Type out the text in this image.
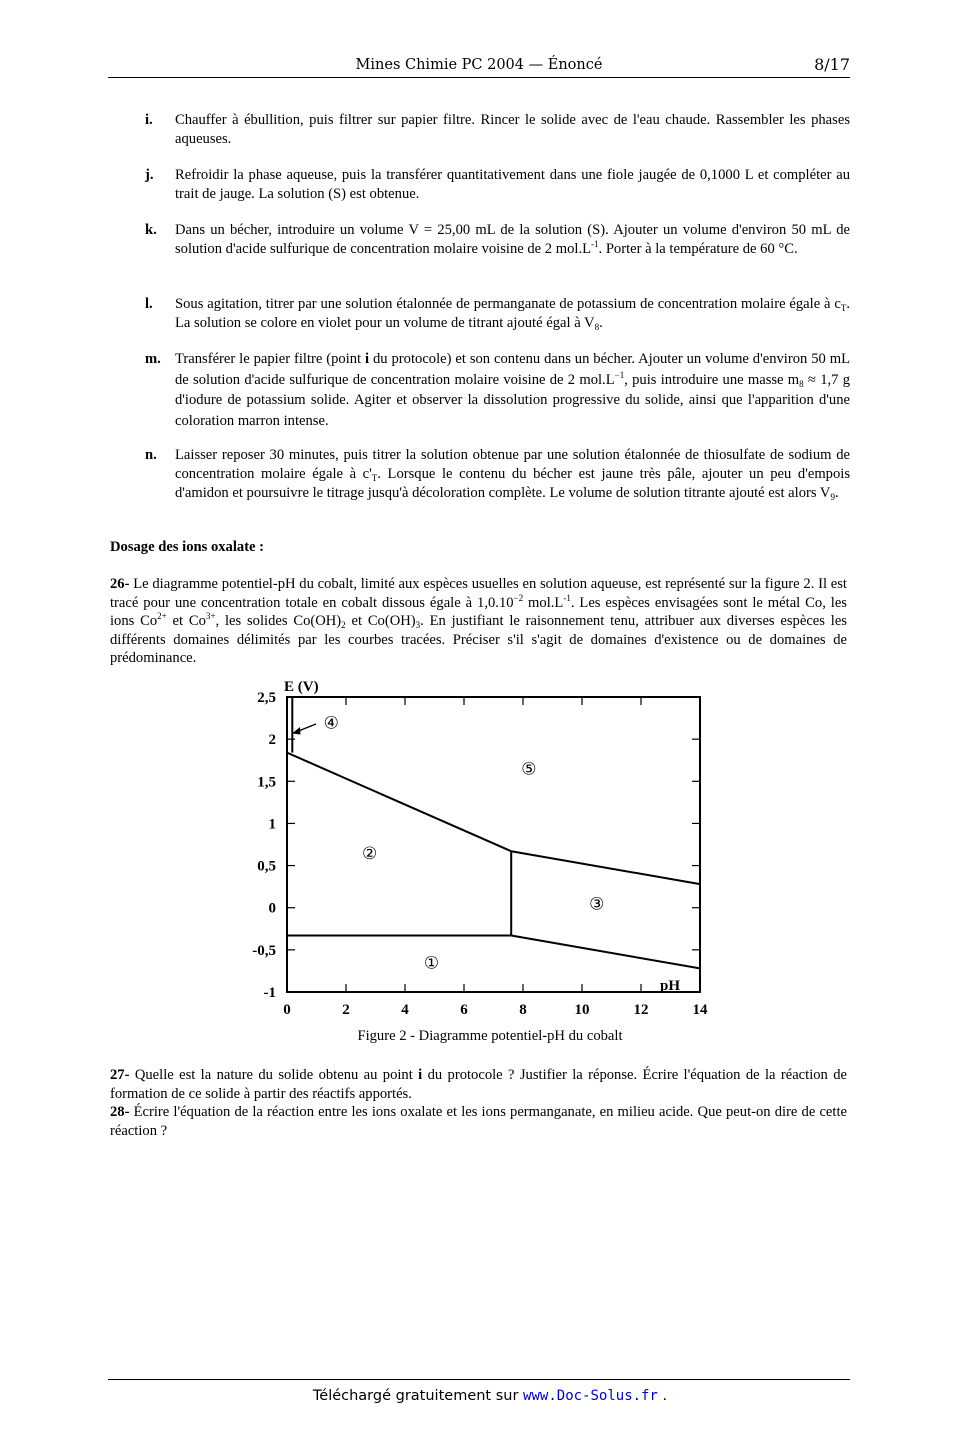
Mines Chimie PC 2004 — Énoncé	8/17
i. Chauffer à ébullition, puis filtrer sur papier filtre. Rincer le solide avec de l'eau chaude. Rassembler les phases aqueuses.
j. Refroidir la phase aqueuse, puis la transférer quantitativement dans une fiole jaugée de 0,1000 L et compléter au trait de jauge. La solution (S) est obtenue.
k. Dans un bécher, introduire un volume V = 25,00 mL de la solution (S). Ajouter un volume d'environ 50 mL de solution d'acide sulfurique de concentration molaire voisine de 2 $mol.L^{-1}$. Porter à la température de 60 °C.
l. Sous agitation, titrer par une solution étalonnée de permanganate de potassium de concentration molaire égale à $c_T$. La solution se colore en violet pour un volume de titrant ajouté égal à $V_8$.
m. Transférer le papier filtre (point i du protocole) et son contenu dans un bécher. Ajouter un volume d'environ 50 mL de solution d'acide sulfurique de concentration molaire voisine de 2 $mol.L^{-1}$, puis introduire une masse $m_8 \approx 1,7$ g d'iodure de potassium solide. Agiter et observer la dissolution progressive du solide, ainsi que l'apparition d'une coloration marron intense.
n. Laisser reposer 30 minutes, puis titrer la solution obtenue par une solution étalonnée de thiosulfate de sodium de concentration molaire égale à $c'_T$. Lorsque le contenu du bécher est jaune très pâle, ajouter un peu d'empois d'amidon et poursuivre le titrage jusqu'à décoloration complète. Le volume de solution titrante ajouté est alors $V_9$.
Dosage des ions oxalate :
26- Le diagramme potentiel-pH du cobalt, limité aux espèces usuelles en solution aqueuse, est représenté sur la figure 2. Il est tracé pour une concentration totale en cobalt dissous égale à $1,0.10^{-2}$ $mol.L^{-1}$. Les espèces envisagées sont le métal Co, les ions $Co^{2+}$ et $Co^{3+}$, les solides $Co(OH)_2$ et $Co(OH)_3$. En justifiant le raisonnement tenu, attribuer aux diverses espèces les différents domaines délimités par les courbes tracées. Préciser s'il s'agit de domaines d'existence ou de domaines de prédominance.
2,5
2
1,5
1
0,5
0
-0,5
-1
0	2	4	6	8	10	12	14
①
②
③
④
⑤
E (V)
pH
Figure 2 - Diagramme potentiel-pH du cobalt
27- Quelle est la nature du solide obtenu au point i du protocole ? Justifier la réponse. Écrire l'équation de la réaction de formation de ce solide à partir des réactifs apportés.
28- Écrire l'équation de la réaction entre les ions oxalate et les ions permanganate, en milieu acide. Que peut-on dire de cette réaction ?
Téléchargé gratuitement sur www.Doc-Solus.fr .
